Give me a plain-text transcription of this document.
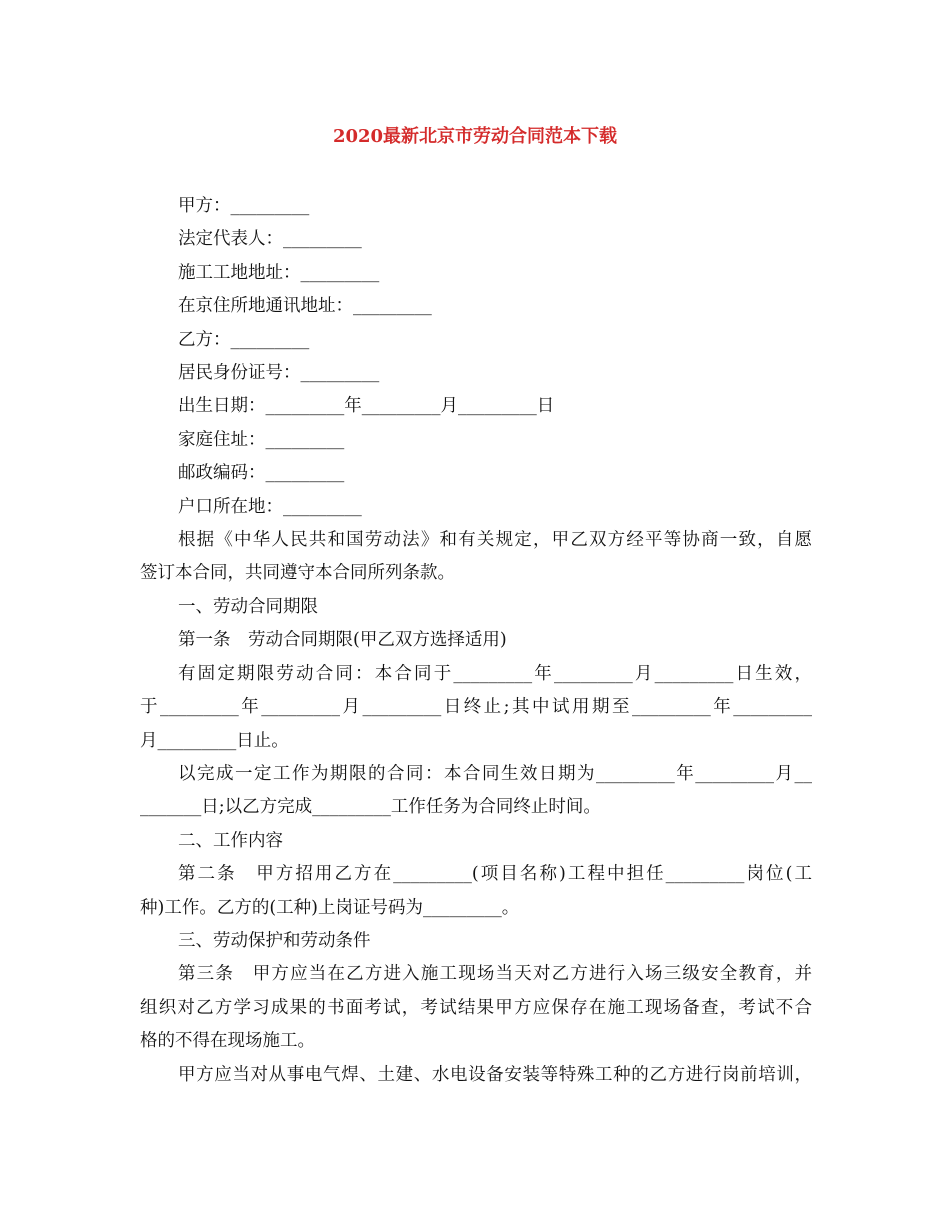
2020最新北京市劳动合同范本下载

甲方：_________

法定代表人：_________

施工工地地址：_________

在京住所地通讯地址：_________

乙方：_________

居民身份证号：_________

出生日期：_________年_________月_________日

家庭住址：_________

邮政编码：_________

户口所在地：_________

根据《中华人民共和国劳动法》和有关规定，甲乙双方经平等协商一致，自愿

签订本合同，共同遵守本合同所列条款。

一、劳动合同期限

第一条　劳动合同期限(甲乙双方选择适用)

有固定期限劳动合同：本合同于_________年_________月_________日生效，

于_________年_________月_________日终止;其中试用期至_________年_________

月_________日止。

以完成一定工作为期限的合同：本合同生效日期为_________年_________月__

_______日;以乙方完成_________工作任务为合同终止时间。

二、工作内容

第二条　甲方招用乙方在_________(项目名称)工程中担任_________岗位(工

种)工作。乙方的(工种)上岗证号码为_________。

三、劳动保护和劳动条件

第三条　甲方应当在乙方进入施工现场当天对乙方进行入场三级安全教育，并

组织对乙方学习成果的书面考试，考试结果甲方应保存在施工现场备查，考试不合

格的不得在现场施工。

甲方应当对从事电气焊、土建、水电设备安装等特殊工种的乙方进行岗前培训，
